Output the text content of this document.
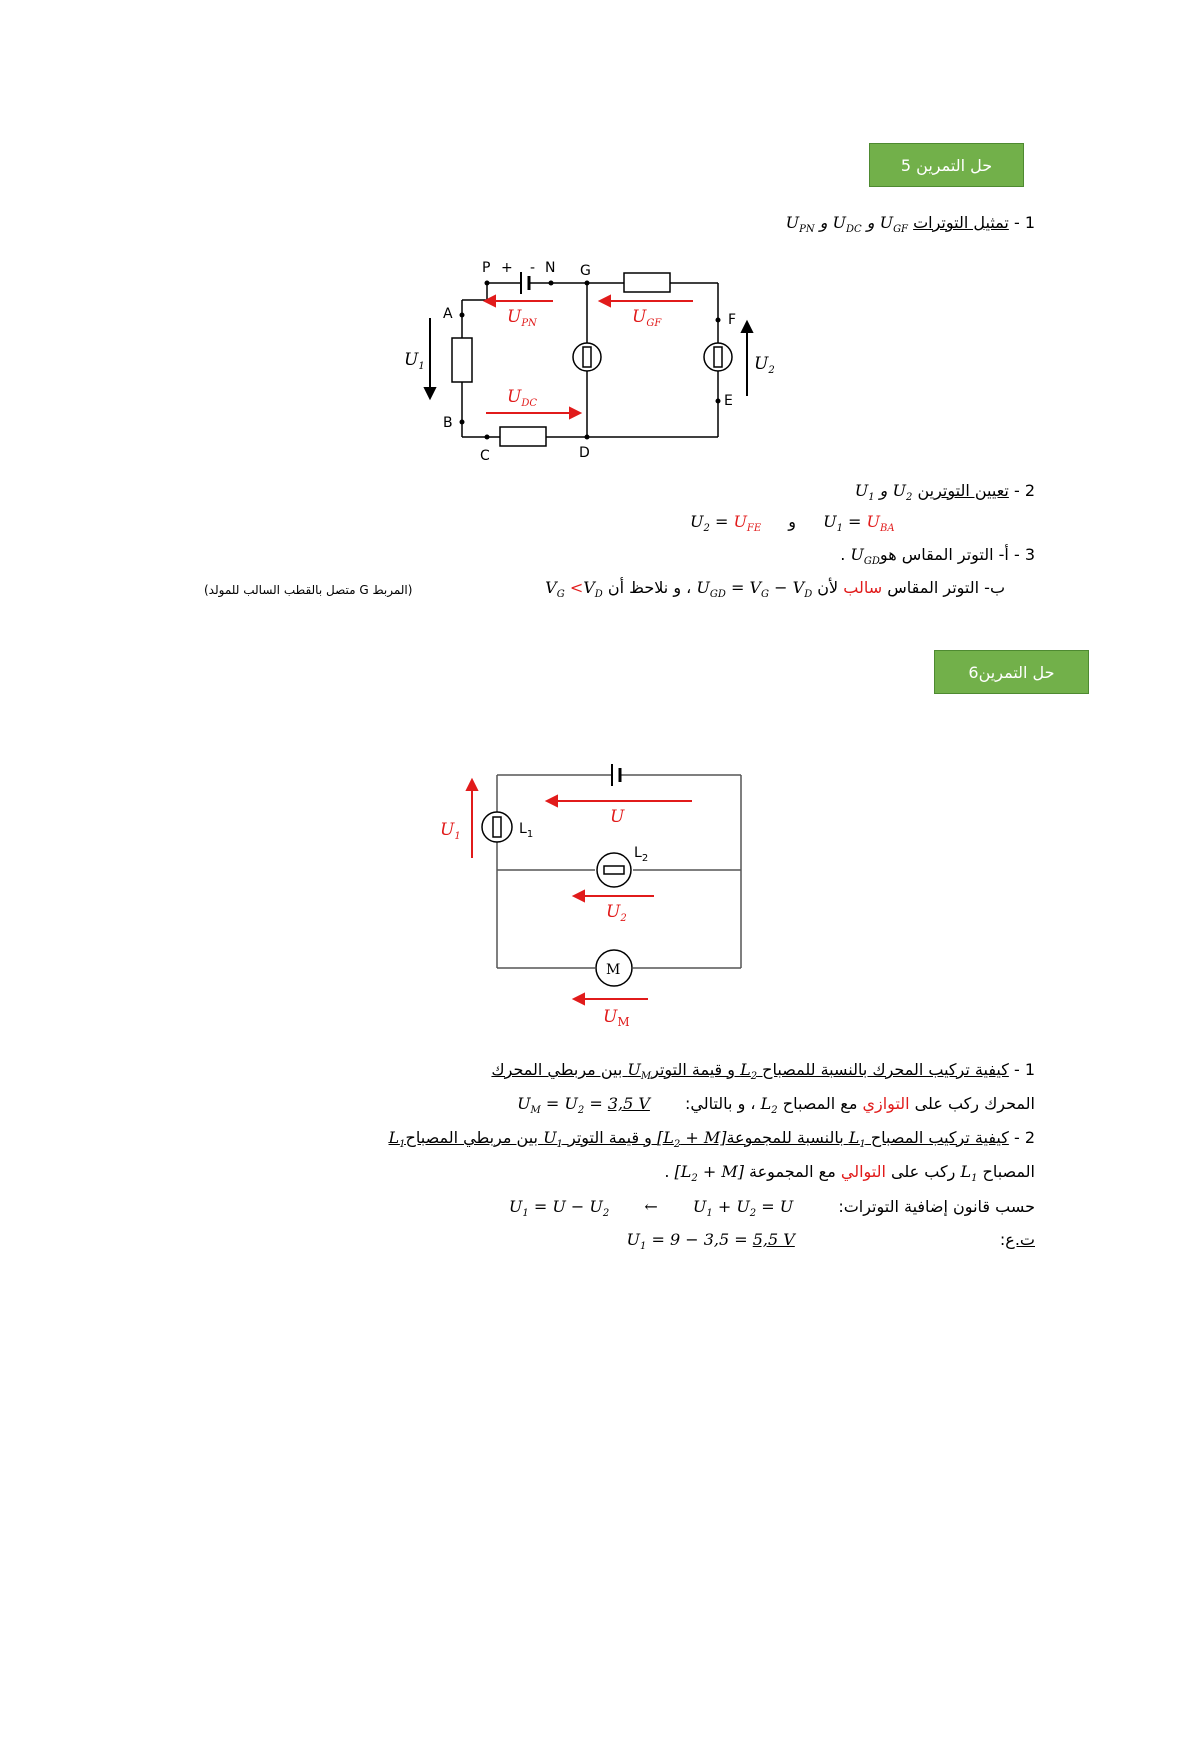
حل التمرين 5
1 - تمثيل التوترات $U_{GF}$ و $U_{DC}$ و $U_{PN}$
P + - N G
A	F
B
E
C	D
$U_{PN}$	$U_{GF}$
$U_{DC}$
$U_1$	$U_2$
2 - تعيين التوترين $U_2$ و $U_1$
$U_2 = U_{FE}$ و $U_1 = U_{BA}$
3 - أ- التوتر المقاس هوU$_{GD}$ .
ب- التوتر المقاس سالب لأن $U_{GD} = V_G - V_D$ ، و نلاحظ أن $V_G <V_D$
(المربط G متصل بالقطب السالب للمولد)
حل التمرين6
M
$L_1$
$L_2$
U
$U_1$
$U_2$
$U_M$
1 - كيفية تركيب المحرك بالنسبة للمصباح $L_2$ و قيمة التوترU$_M$ بين مربطي المحرك
المحرك ركب على التوازي مع المصباح $L_2$ ، و بالتالي: $U_M = U_2 = 3,5$ V
2 - كيفية تركيب المصباح $L_1$ بالنسبة $للمجموعة[L_2 + M]$ و قيمة التوتر $U_1$ بين مربطي المصباحL$_1$
المصباح $L_1$ ركب على التوالي مع المجموعة $[L_2 + M]$ .
حسب قانون إضافية التوترات: $U_1 = U - U_2$ ← $U_1 + U_2 = U$
ت.ع: $U_1 = 9 - 3,5 = 5,5$ V
